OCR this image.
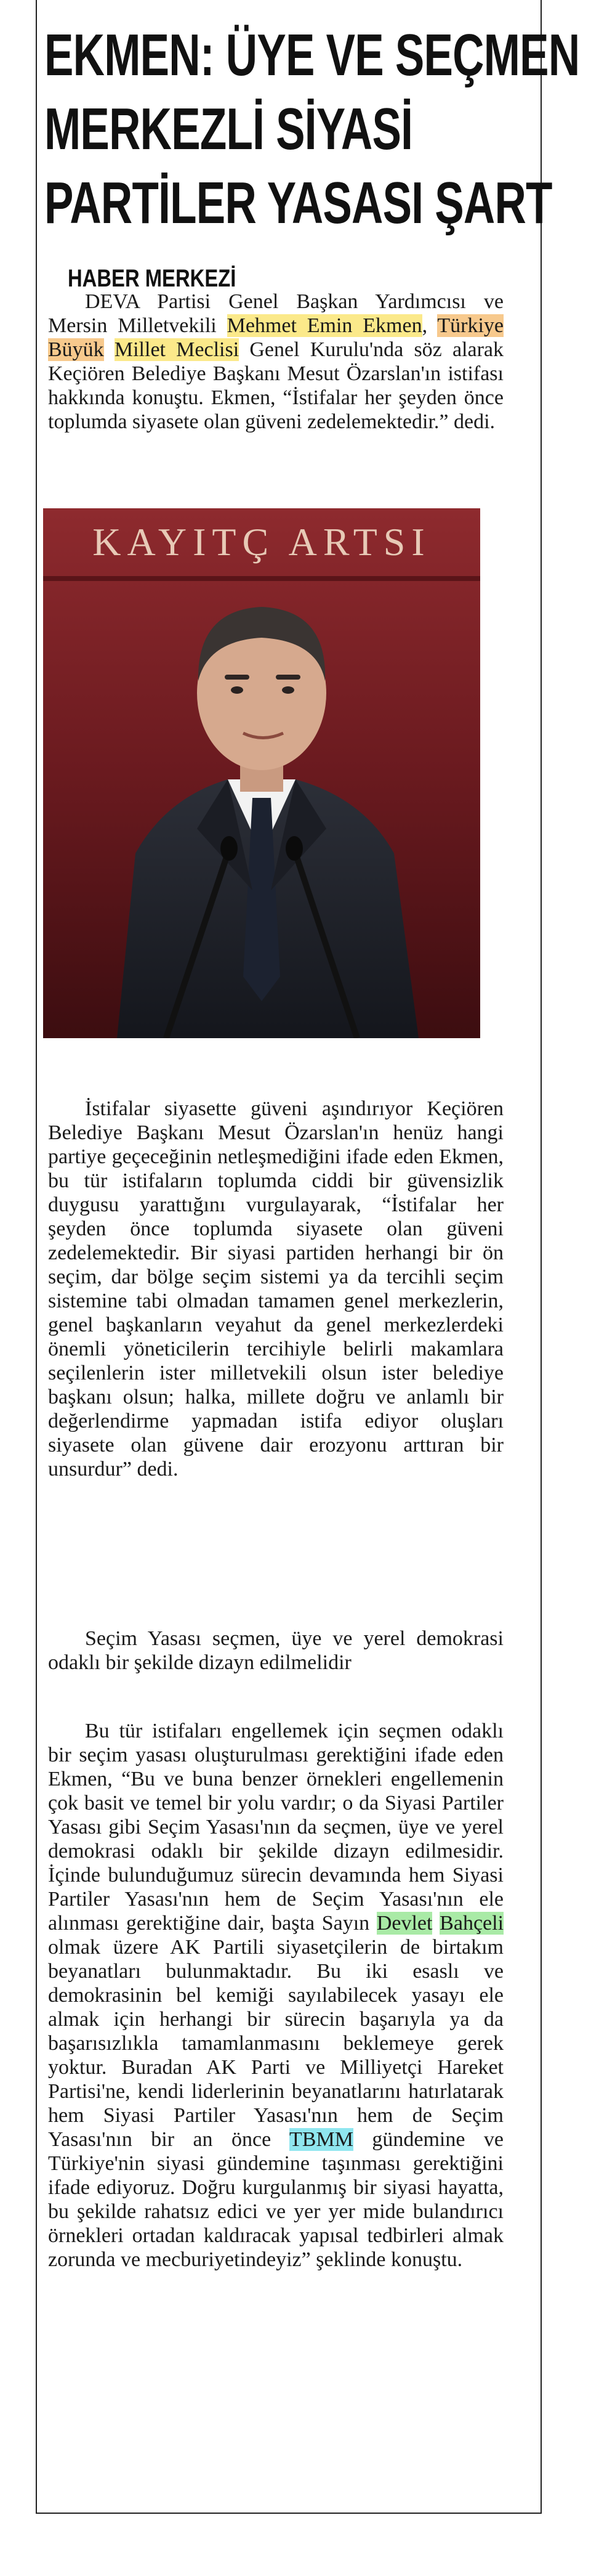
EKMEN: ÜYE VE SEÇMEN
MERKEZLİ SİYASİ
PARTİLER YASASI ŞART
HABER MERKEZİ
DEVA Partisi Genel Başkan Yardımcısı ve Mersin Milletvekili Mehmet Emin Ekmen, Türkiye Büyük Millet Meclisi Genel Kurulu'nda söz alarak Keçiören Belediye Başkanı Mesut Özarslan'ın istifası hakkında konuştu. Ekmen, “İstifalar her şeyden önce toplumda siyasete olan güveni zedelemektedir.” dedi.
KAYITÇ ARTSI
İstifalar siyasette güveni aşındırıyor Keçiören Belediye Başkanı Mesut Özarslan'ın henüz hangi partiye geçeceğinin netleşmediğini ifade eden Ekmen, bu tür istifaların toplumda ciddi bir güvensizlik duygusu yarattığını vurgulayarak, “İstifalar her şeyden önce toplumda siyasete olan güveni zedelemektedir. Bir siyasi partiden herhangi bir ön seçim, dar bölge seçim sistemi ya da tercihli seçim sistemine tabi olmadan tamamen genel merkezlerin, genel başkanların veyahut da genel merkezlerdeki önemli yöneticilerin tercihiyle belirli makamlara seçilenlerin ister milletvekili olsun ister belediye başkanı olsun; halka, millete doğru ve anlamlı bir değerlendirme yapmadan istifa ediyor oluşları siyasete olan güvene dair erozyonu arttıran bir unsurdur” dedi.
Seçim Yasası seçmen, üye ve yerel demokrasi odaklı bir şekilde dizayn edilmelidir
Bu tür istifaları engellemek için seçmen odaklı bir seçim yasası oluşturulması gerektiğini ifade eden Ekmen, “Bu ve buna benzer örnekleri engellemenin çok basit ve temel bir yolu vardır; o da Siyasi Partiler Yasası gibi Seçim Yasası'nın da seçmen, üye ve yerel demokrasi odaklı bir şekilde dizayn edilmesidir. İçinde bulunduğumuz sürecin devamında hem Siyasi Partiler Yasası'nın hem de Seçim Yasası'nın ele alınması gerektiğine dair, başta Sayın Devlet Bahçeli olmak üzere AK Partili siyasetçilerin de birtakım beyanatları bulunmaktadır. Bu iki esaslı ve demokrasinin bel kemiği sayılabilecek yasayı ele almak için herhangi bir sürecin başarıyla ya da başarısızlıkla tamamlanmasını beklemeye gerek yoktur. Buradan AK Parti ve Milliyetçi Hareket Partisi'ne, kendi liderlerinin beyanatlarını hatırlatarak hem Siyasi Partiler Yasası'nın hem de Seçim Yasası'nın bir an önce TBMM gündemine ve Türkiye'nin siyasi gündemine taşınması gerektiğini ifade ediyoruz. Doğru kurgulanmış bir siyasi hayatta, bu şekilde rahatsız edici ve yer yer mide bulandırıcı örnekleri ortadan kaldıracak yapısal tedbirleri almak zorunda ve mecburiyetindeyiz” şeklinde konuştu.
